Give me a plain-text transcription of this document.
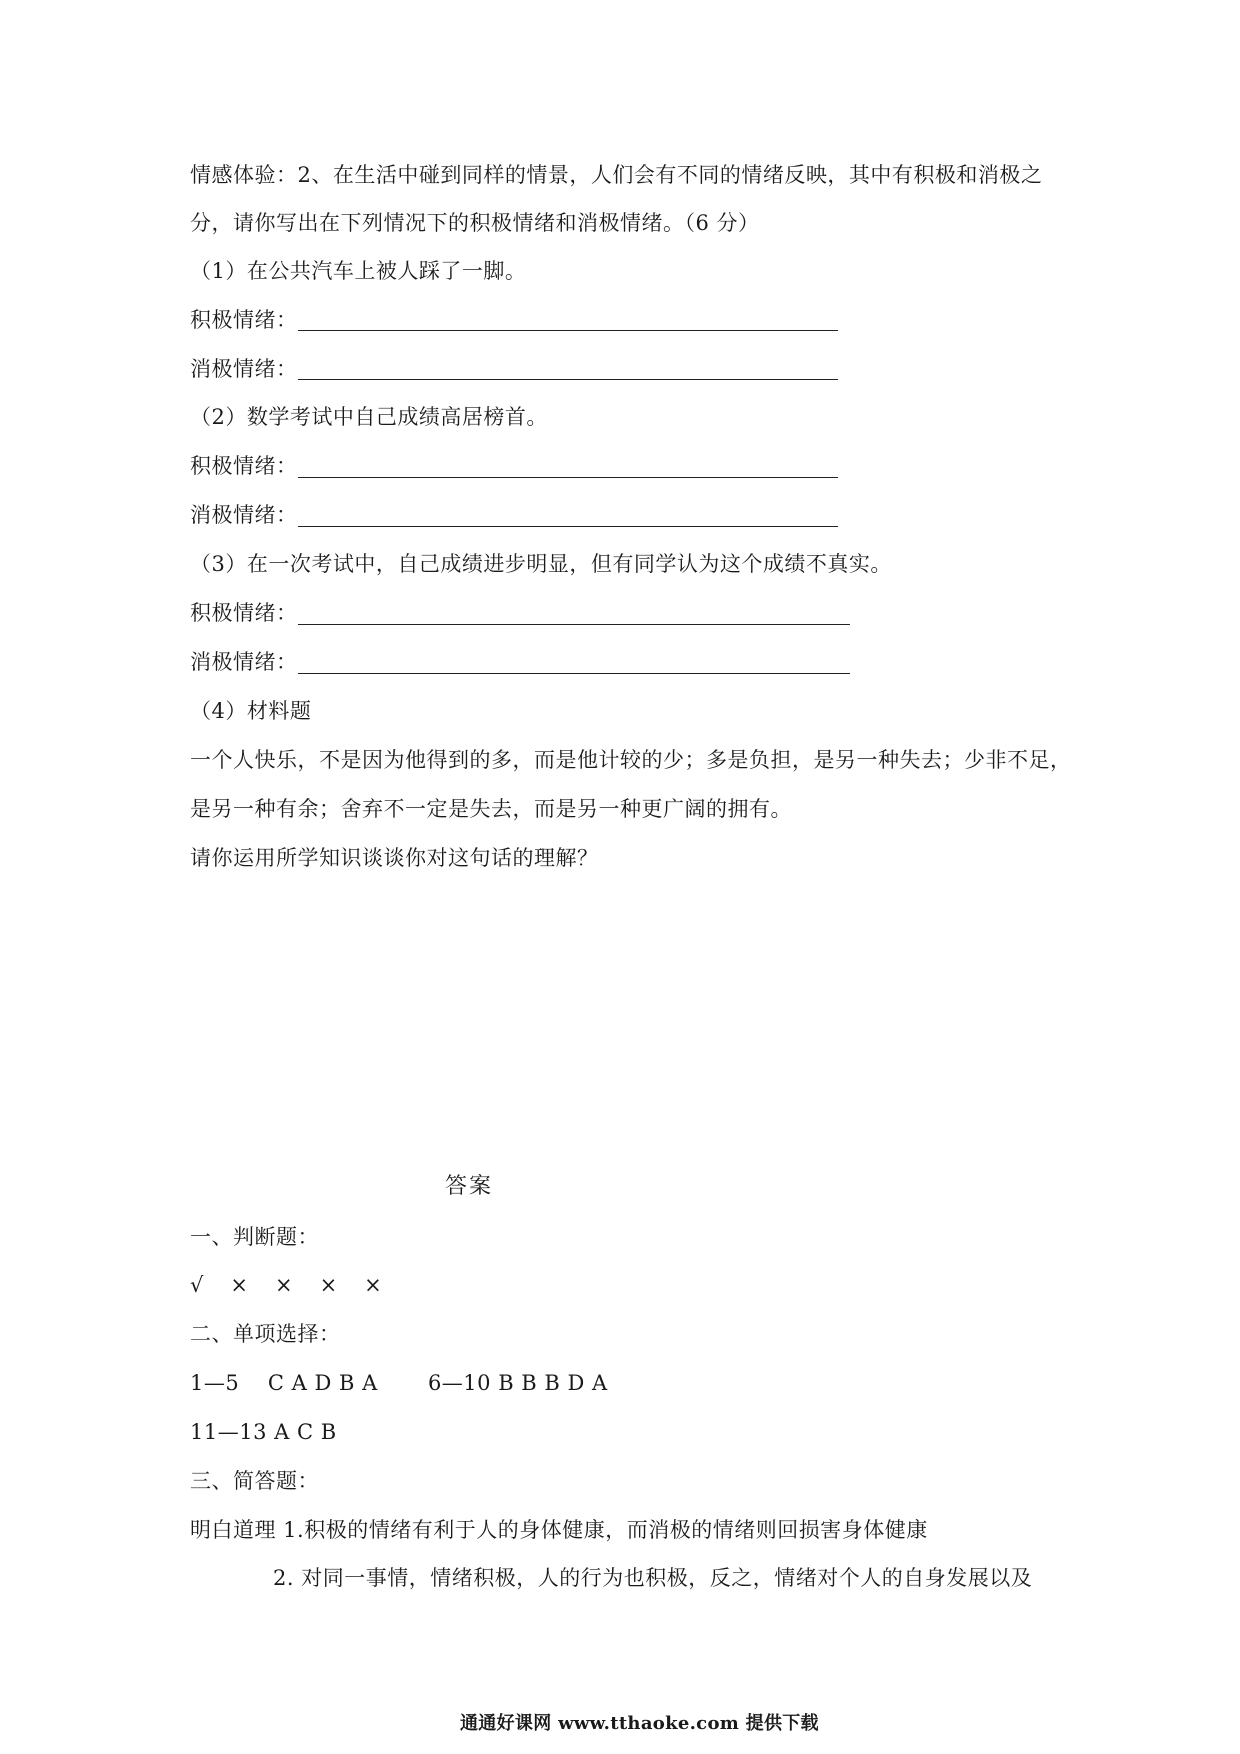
情感体验：2、在生活中碰到同样的情景，人们会有不同的情绪反映，其中有积极和消极之
分，请你写出在下列情况下的积极情绪和消极情绪。（6 分）
（1）在公共汽车上被人踩了一脚。
积极情绪：
消极情绪：
（2）数学考试中自己成绩高居榜首。
积极情绪：
消极情绪：
（3）在一次考试中，自己成绩进步明显，但有同学认为这个成绩不真实。
积极情绪：
消极情绪：
（4）材料题
一个人快乐，不是因为他得到的多，而是他计较的少；多是负担，是另一种失去；少非不足，
是另一种有余；舍弃不一定是失去，而是另一种更广阔的拥有。
请你运用所学知识谈谈你对这句话的理解？
答案
一、判断题：
√　×　×　×　×
二、单项选择：
1—5　 C A D B A　　 6—10 B B B D A
11—13 A C B
三、简答题：
明白道理 1.积极的情绪有利于人的身体健康，而消极的情绪则回损害身体健康
2. 对同一事情，情绪积极，人的行为也积极，反之，情绪对个人的自身发展以及
通通好课网 www.tthaoke.com 提供下载
